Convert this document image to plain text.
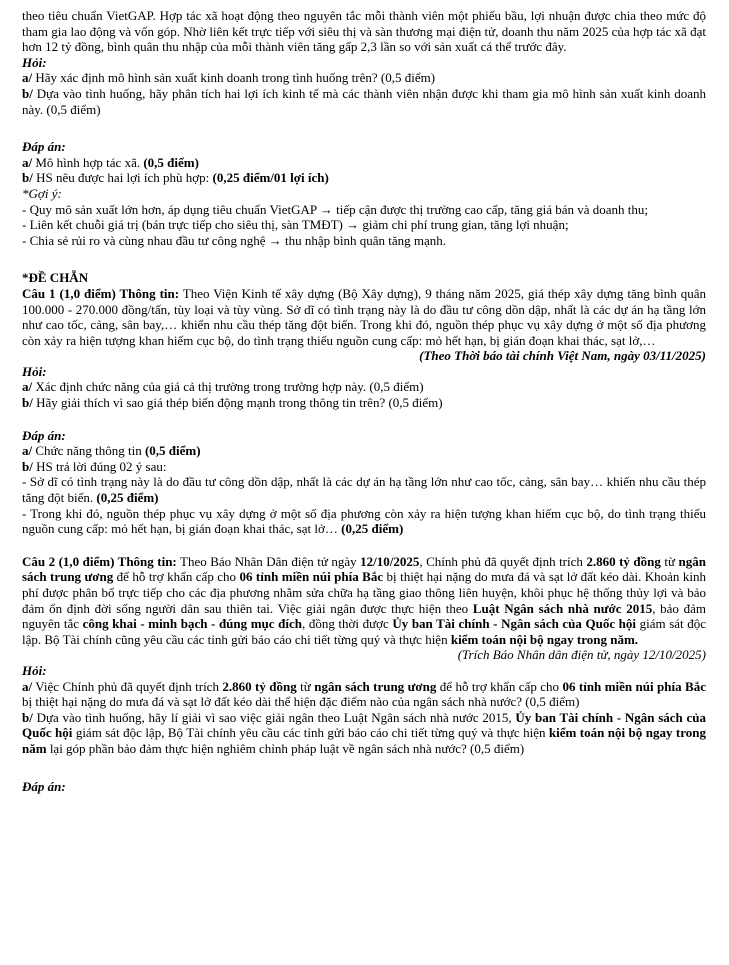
theo tiêu chuẩn VietGAP. Hợp tác xã hoạt động theo nguyên tắc mỗi thành viên một phiếu bầu, lợi nhuận được chia theo mức độ tham gia lao động và vốn góp. Nhờ liên kết trực tiếp với siêu thị và sàn thương mại điện tử, doanh thu năm 2025 của hợp tác xã đạt hơn 12 tỷ đồng, bình quân thu nhập của mỗi thành viên tăng gấp 2,3 lần so với sản xuất cá thể trước đây.

Hỏi:

a/ Hãy xác định mô hình sản xuất kinh doanh trong tình huống trên? (0,5 điểm)

b/ Dựa vào tình huống, hãy phân tích hai lợi ích kinh tế mà các thành viên nhận được khi tham gia mô hình sản xuất kinh doanh này. (0,5 điểm)

Đáp án:

a/ Mô hình hợp tác xã. (0,5 điểm)

b/ HS nêu được hai lợi ích phù hợp: (0,25 điểm/01 lợi ích)

*Gợi ý:

- Quy mô sản xuất lớn hơn, áp dụng tiêu chuẩn VietGAP → tiếp cận được thị trường cao cấp, tăng giá bán và doanh thu;

- Liên kết chuỗi giá trị (bán trực tiếp cho siêu thị, sàn TMĐT) → giảm chi phí trung gian, tăng lợi nhuận;

- Chia sẻ rủi ro và cùng nhau đầu tư công nghệ → thu nhập bình quân tăng mạnh.

*ĐỀ CHẴN

Câu 1 (1,0 điểm) Thông tin: Theo Viện Kinh tế xây dựng (Bộ Xây dựng), 9 tháng năm 2025, giá thép xây dựng tăng bình quân 100.000 - 270.000 đồng/tấn, tùy loại và tùy vùng. Sở dĩ có tình trạng này là do đầu tư công dồn dập, nhất là các dự án hạ tầng lớn như cao tốc, cảng, sân bay,… khiến nhu cầu thép tăng đột biến. Trong khi đó, nguồn thép phục vụ xây dựng ở một số địa phương còn xảy ra hiện tượng khan hiếm cục bộ, do tình trạng thiếu nguồn cung cấp: mỏ hết hạn, bị gián đoạn khai thác, sạt lở,…

(Theo Thời báo tài chính Việt Nam, ngày 03/11/2025)

Hỏi:

a/ Xác định chức năng của giá cả thị trường trong trường hợp này. (0,5 điểm)

b/ Hãy giải thích vì sao giá thép biến động mạnh trong thông tin trên? (0,5 điểm)

Đáp án:

a/ Chức năng thông tin (0,5 điểm)

b/ HS trả lời đúng 02 ý sau:

- Sở dĩ có tình trạng này là do đầu tư công dồn dập, nhất là các dự án hạ tầng lớn như cao tốc, cảng, sân bay… khiến nhu cầu thép tăng đột biến. (0,25 điểm)

- Trong khi đó, nguồn thép phục vụ xây dựng ở một số địa phương còn xảy ra hiện tượng khan hiếm cục bộ, do tình trạng thiếu nguồn cung cấp: mỏ hết hạn, bị gián đoạn khai thác, sạt lở… (0,25 điểm)

Câu 2 (1,0 điểm) Thông tin: Theo Báo Nhân Dân điện tử ngày 12/10/2025, Chính phủ đã quyết định trích 2.860 tỷ đồng từ ngân sách trung ương để hỗ trợ khẩn cấp cho 06 tỉnh miền núi phía Bắc bị thiệt hại nặng do mưa đá và sạt lở đất kéo dài. Khoản kinh phí được phân bổ trực tiếp cho các địa phương nhằm sửa chữa hạ tầng giao thông liên huyện, khôi phục hệ thống thủy lợi và bảo đảm ổn định đời sống người dân sau thiên tai. Việc giải ngân được thực hiện theo Luật Ngân sách nhà nước 2015, bảo đảm nguyên tắc công khai - minh bạch - đúng mục đích, đồng thời được Ủy ban Tài chính - Ngân sách của Quốc hội giám sát độc lập. Bộ Tài chính cũng yêu cầu các tỉnh gửi báo cáo chi tiết từng quý và thực hiện kiểm toán nội bộ ngay trong năm.

(Trích Báo Nhân dân điện tử, ngày 12/10/2025)

Hỏi:

a/ Việc Chính phủ đã quyết định trích 2.860 tỷ đồng từ ngân sách trung ương để hỗ trợ khẩn cấp cho 06 tỉnh miền núi phía Bắc bị thiệt hại nặng do mưa đá và sạt lở đất kéo dài thể hiện đặc điểm nào của ngân sách nhà nước? (0,5 điểm)

b/ Dựa vào tình huống, hãy lí giải vì sao việc giải ngân theo Luật Ngân sách nhà nước 2015, Ủy ban Tài chính - Ngân sách của Quốc hội giám sát độc lập, Bộ Tài chính yêu cầu các tỉnh gửi báo cáo chi tiết từng quý và thực hiện kiểm toán nội bộ ngay trong năm lại góp phần bảo đảm thực hiện nghiêm chỉnh pháp luật về ngân sách nhà nước? (0,5 điểm)

Đáp án:
